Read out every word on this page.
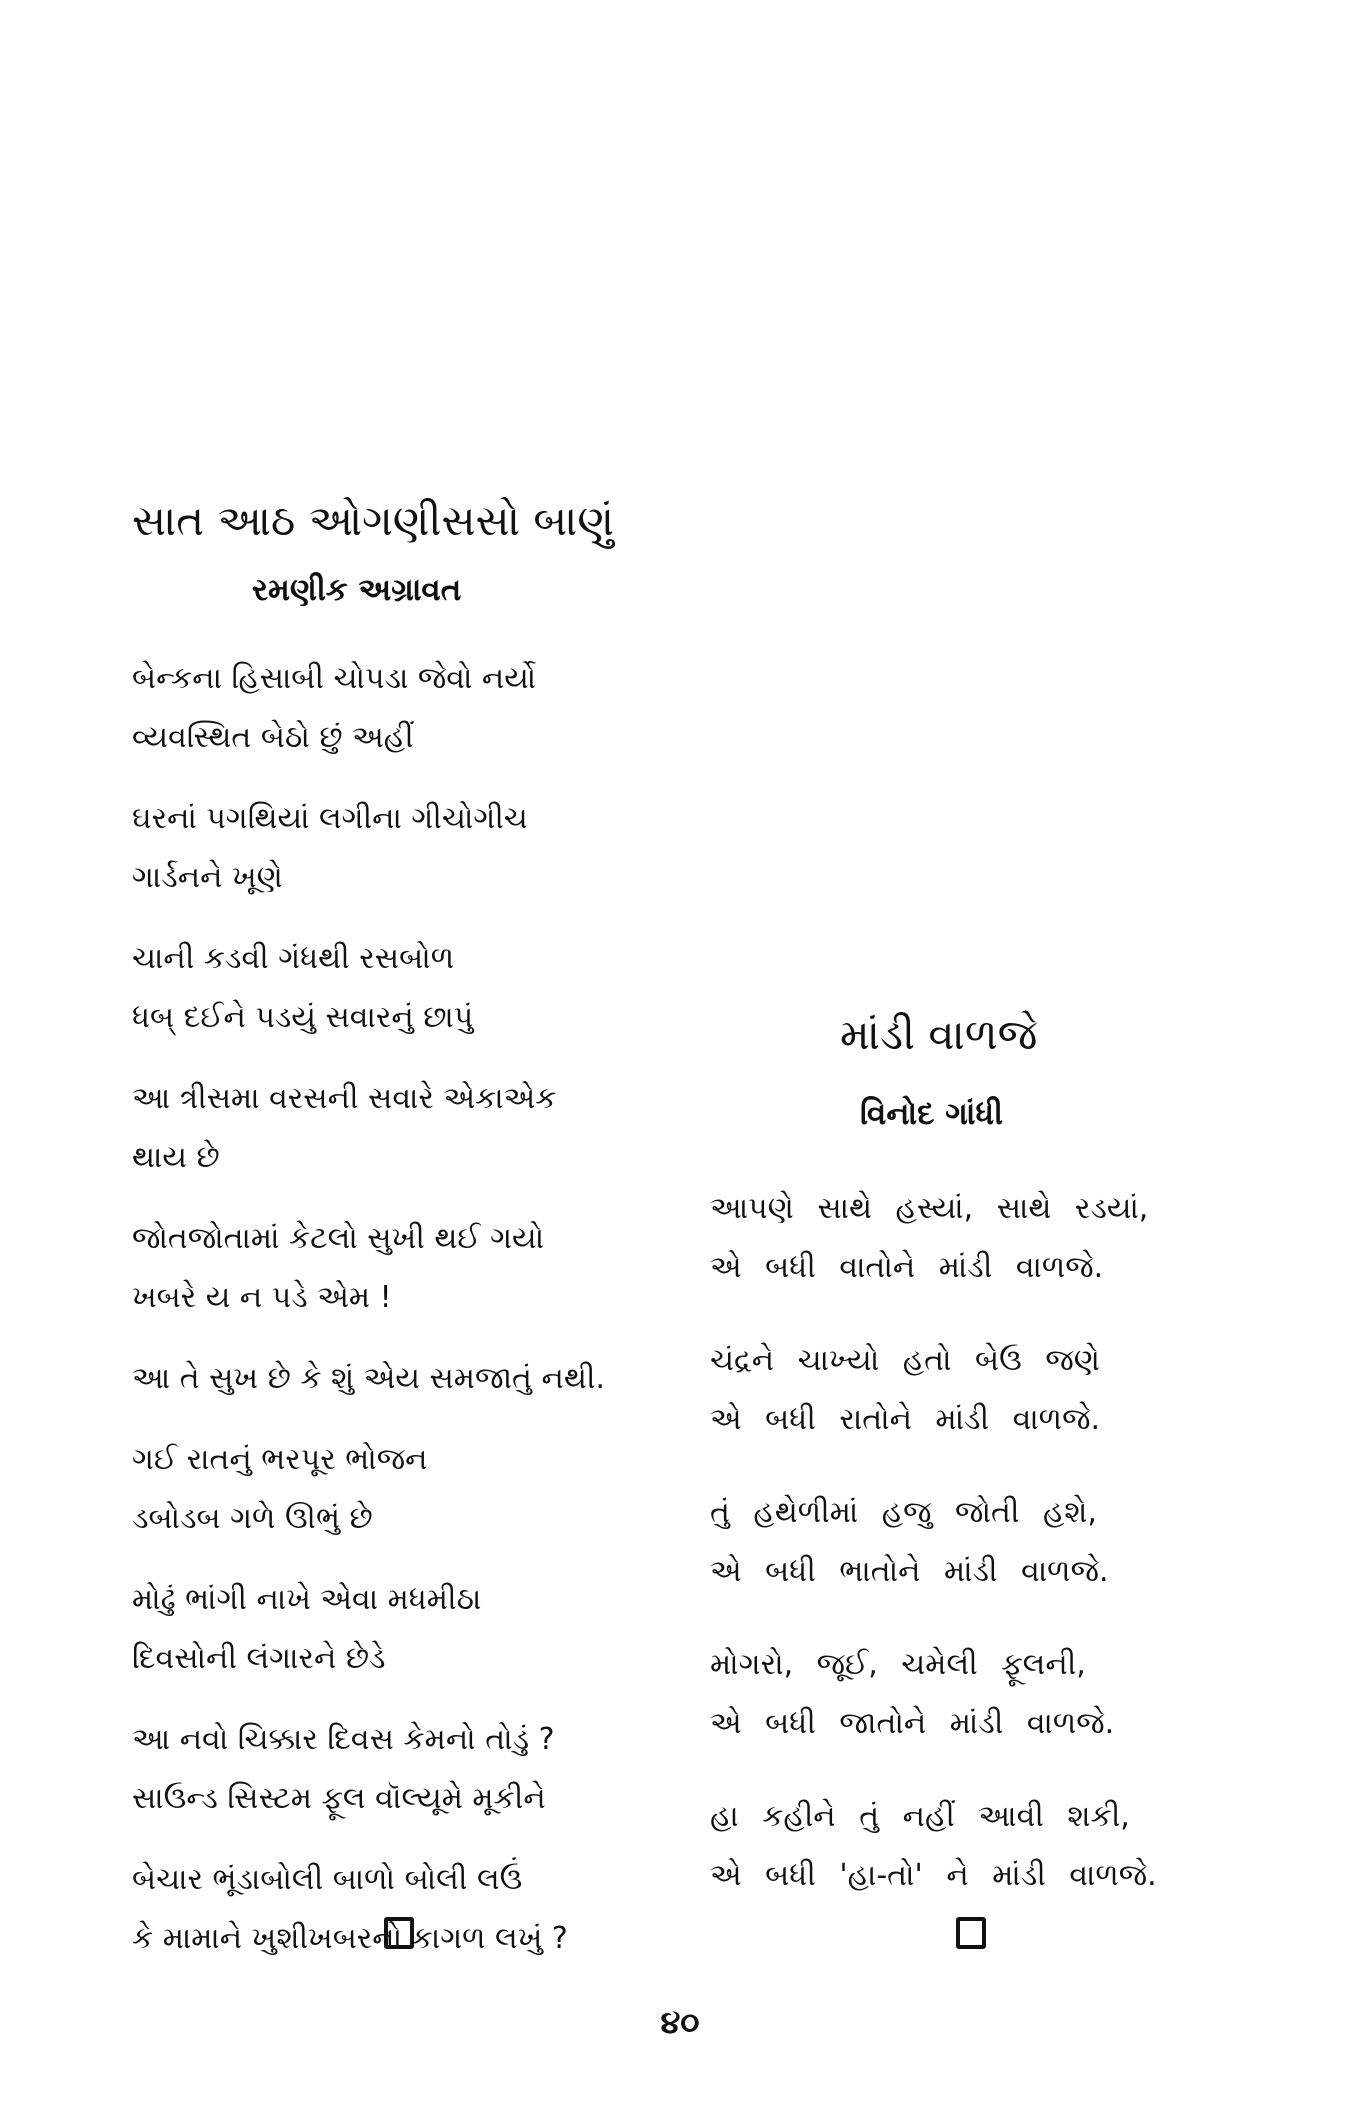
સાત આઠ ઓગણીસસો બાણું
રમણીક અગ્રાવત
બેન્કના હિસાબી ચોપડા જેવો નર્યો
વ્યવસ્થિત બેઠો છું અહીં
ઘરનાં પગથિયાં લગીના ગીચોગીચ
ગાર્ડનને ખૂણે
ચાની કડવી ગંધથી રસબોળ
ધબ્ દઈને પડયું સવારનું છાપું
આ ત્રીસમા વરસની સવારે એકાએક
થાય છે
જોતજોતામાં કેટલો સુખી થઈ ગયો
ખબરે ય ન પડે એમ !
આ તે સુખ છે કે શું એય સમજાતું નથી.
ગઈ રાતનું ભરપૂર ભોજન
ડબોડબ ગળે ઊભું છે
મોઢું ભાંગી નાખે એવા મધમીઠા
દિવસોની લંગારને છેડે
આ નવો ચિક્કાર દિવસ કેમનો તોડું ?
સાઉન્ડ સિસ્ટમ ફૂલ વૉલ્યૂમે મૂકીને
બેચાર ભૂંડાબોલી બાળો બોલી લઉં
કે મામાને ખુશીખબરનો કાગળ લખું ?
માંડી વાળજે
વિનોદ ગાંધી
આપણે સાથે હસ્યાં, સાથે રડયાં,
એ બધી વાતોને માંડી વાળજે.
ચંદ્રને ચાખ્યો હતો બેઉ જણે
એ બધી રાતોને માંડી વાળજે.
તું હથેળીમાં હજુ જોતી હશે,
એ બધી ભાતોને માંડી વાળજે.
મોગરો, જૂઈ, ચમેલી ફૂલની,
એ બધી જાતોને માંડી વાળજે.
હા કહીને તું નહીં આવી શકી,
એ બધી 'હા-તો' ને માંડી વાળજે.
૪૦
